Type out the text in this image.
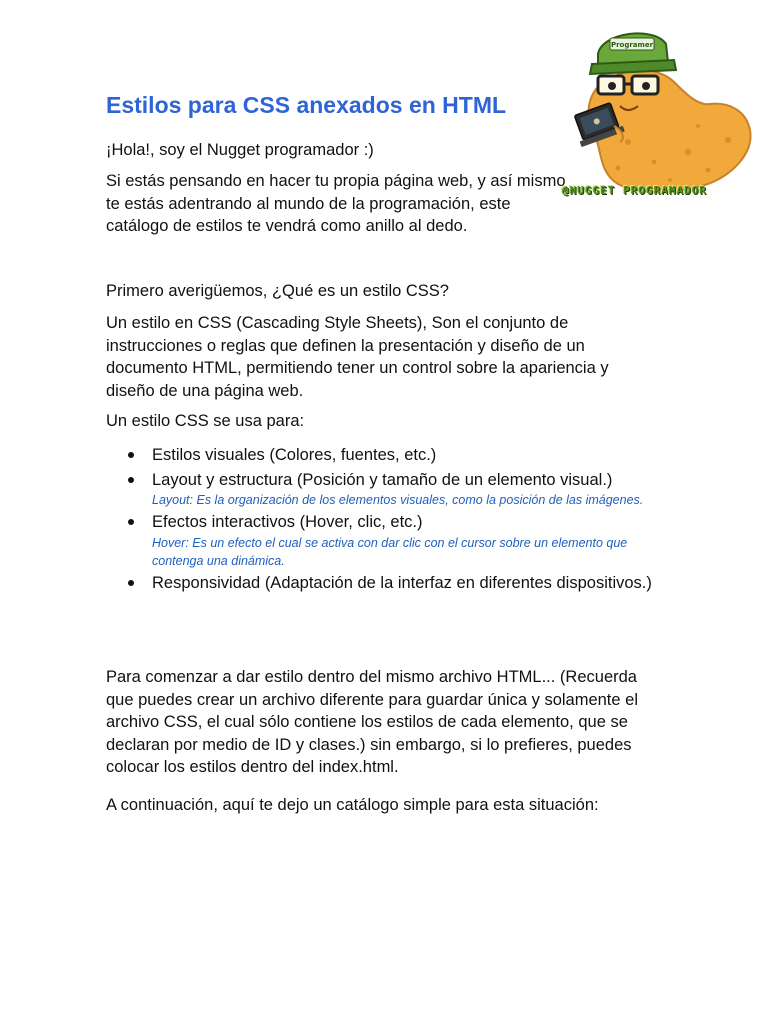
Estilos para CSS anexados en HTML

¡Hola!, soy el Nugget programador :)

Si estás pensando en hacer tu propia página web, y así mismo te estás adentrando al mundo de la programación, este catálogo de estilos te vendrá como anillo al dedo.

Primero averigüemos, ¿Qué es un estilo CSS?

Un estilo en CSS (Cascading Style Sheets), Son el conjunto de instrucciones o reglas que definen la presentación y diseño de un documento HTML, permitiendo tener un control sobre la apariencia y diseño de una página web.

Un estilo CSS se usa para:

Estilos visuales (Colores, fuentes, etc.)
Layout y estructura (Posición y tamaño de un elemento visual.)
Layout: Es la organización de los elementos visuales, como la posición de las imágenes.
Efectos interactivos (Hover, clic, etc.)
Hover: Es un efecto el cual se activa con dar clic con el cursor sobre un elemento que contenga una dinámica.
Responsividad (Adaptación de la interfaz en diferentes dispositivos.)

Para comenzar a dar estilo dentro del mismo archivo HTML... (Recuerda que puedes crear un archivo diferente para guardar única y solamente el archivo CSS, el cual sólo contiene los estilos de cada elemento, que se declaran por medio de ID y clases.) sin embargo, si lo prefieres, puedes colocar los estilos dentro del index.html.

A continuación, aquí te dejo un catálogo simple para esta situación:

Programer
@NUGGET PROGRAMADOR
